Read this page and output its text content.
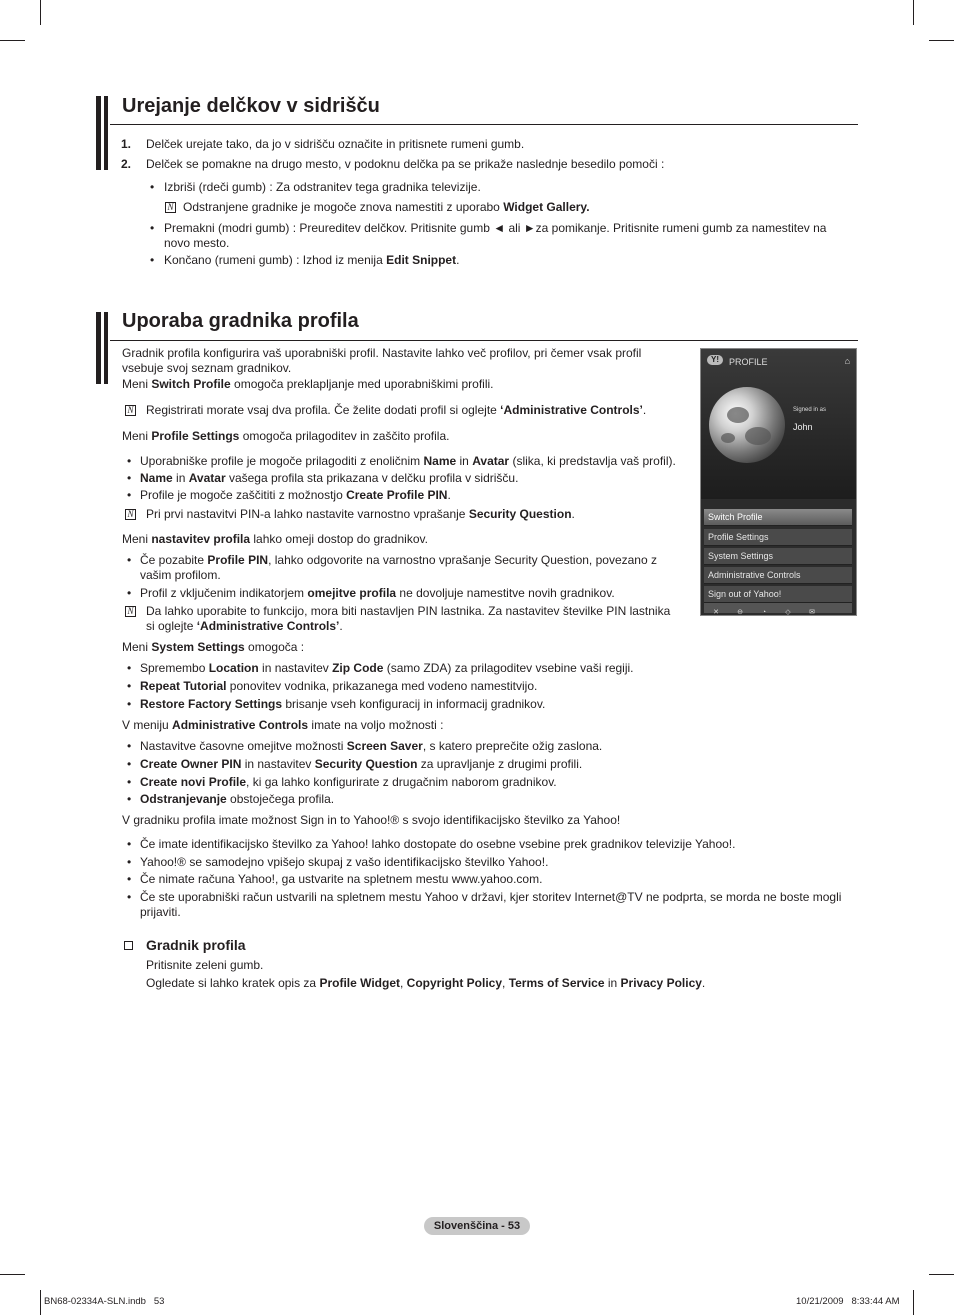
Urejanje delčkov v sidrišču
1. Delček urejate tako, da jo v sidrišču označite in pritisnete rumeni gumb.
2. Delček se pomakne na drugo mesto, v podoknu delčka pa se prikaže naslednje besedilo pomoči :
• Izbriši (rdeči gumb) : Za odstranitev tega gradnika televizije.
N Odstranjene gradnike je mogoče znova namestiti z uporabo Widget Gallery.
• Premakni (modri gumb) : Preureditev delčkov. Pritisnite gumb ◄ ali ►za pomikanje. Pritisnite rumeni gumb za namestitev na
novo mesto.
• Končano (rumeni gumb) : Izhod iz menija Edit Snippet.
Uporaba gradnika profila
Gradnik profila konfigurira vaš uporabniški profil. Nastavite lahko več profilov, pri čemer vsak profil
vsebuje svoj seznam gradnikov.
Meni Switch Profile omogoča preklapljanje med uporabniškimi profili.
N Registrirati morate vsaj dva profila. Če želite dodati profil si oglejte ‘Administrative Controls’.
Meni Profile Settings omogoča prilagoditev in zaščito profila.
• Uporabniške profile je mogoče prilagoditi z enoličnim Name in Avatar (slika, ki predstavlja vaš profil).
• Name in Avatar vašega profila sta prikazana v delčku profila v sidrišču.
• Profile je mogoče zaščititi z možnostjo Create Profile PIN.
N Pri prvi nastavitvi PIN-a lahko nastavite varnostno vprašanje Security Question.
Meni nastavitev profila lahko omeji dostop do gradnikov.
• Če pozabite Profile PIN, lahko odgovorite na varnostno vprašanje Security Question, povezano z
vašim profilom.
• Profil z vključenim indikatorjem omejitve profila ne dovoljuje namestitve novih gradnikov.
N Da lahko uporabite to funkcijo, mora biti nastavljen PIN lastnika. Za nastavitev številke PIN lastnika
si oglejte ‘Administrative Controls’.
Meni System Settings omogoča :
• Spremembo Location in nastavitev Zip Code (samo ZDA) za prilagoditev vsebine vaši regiji.
• Repeat Tutorial ponovitev vodnika, prikazanega med vodeno namestitvijo.
• Restore Factory Settings brisanje vseh konfiguracij in informacij gradnikov.
V meniju Administrative Controls imate na voljo možnosti :
• Nastavitve časovne omejitve možnosti Screen Saver, s katero preprečite ožig zaslona.
• Create Owner PIN in nastavitev Security Question za upravljanje z drugimi profili.
• Create novi Profile, ki ga lahko konfigurirate z drugačnim naborom gradnikov.
• Odstranjevanje obstoječega profila.
V gradniku profila imate možnost Sign in to Yahoo!® s svojo identifikacijsko številko za Yahoo!
• Če imate identifikacijsko številko za Yahoo! lahko dostopate do osebne vsebine prek gradnikov televizije Yahoo!.
• Yahoo!® se samodejno vpišejo skupaj z vašo identifikacijsko številko Yahoo!.
• Če nimate računa Yahoo!, ga ustvarite na spletnem mestu www.yahoo.com.
• Če ste uporabniški račun ustvarili na spletnem mestu Yahoo v državi, kjer storitev Internet@TV ne podprta, se morda ne boste mogli
prijaviti.
Gradnik profila
Pritisnite zeleni gumb.
Ogledate si lahko kratek opis za Profile Widget, Copyright Policy, Terms of Service in Privacy Policy.
Y!	PROFILE	⌂
Signed in as
John
Switch Profile
Profile Settings
System Settings
Administrative Controls
Sign out of Yahoo!
✕	⊖	◔	◇	✉
Slovenščina - 53
BN68-02334A-SLN.indb   53	10/21/2009   8:33:44 AM
